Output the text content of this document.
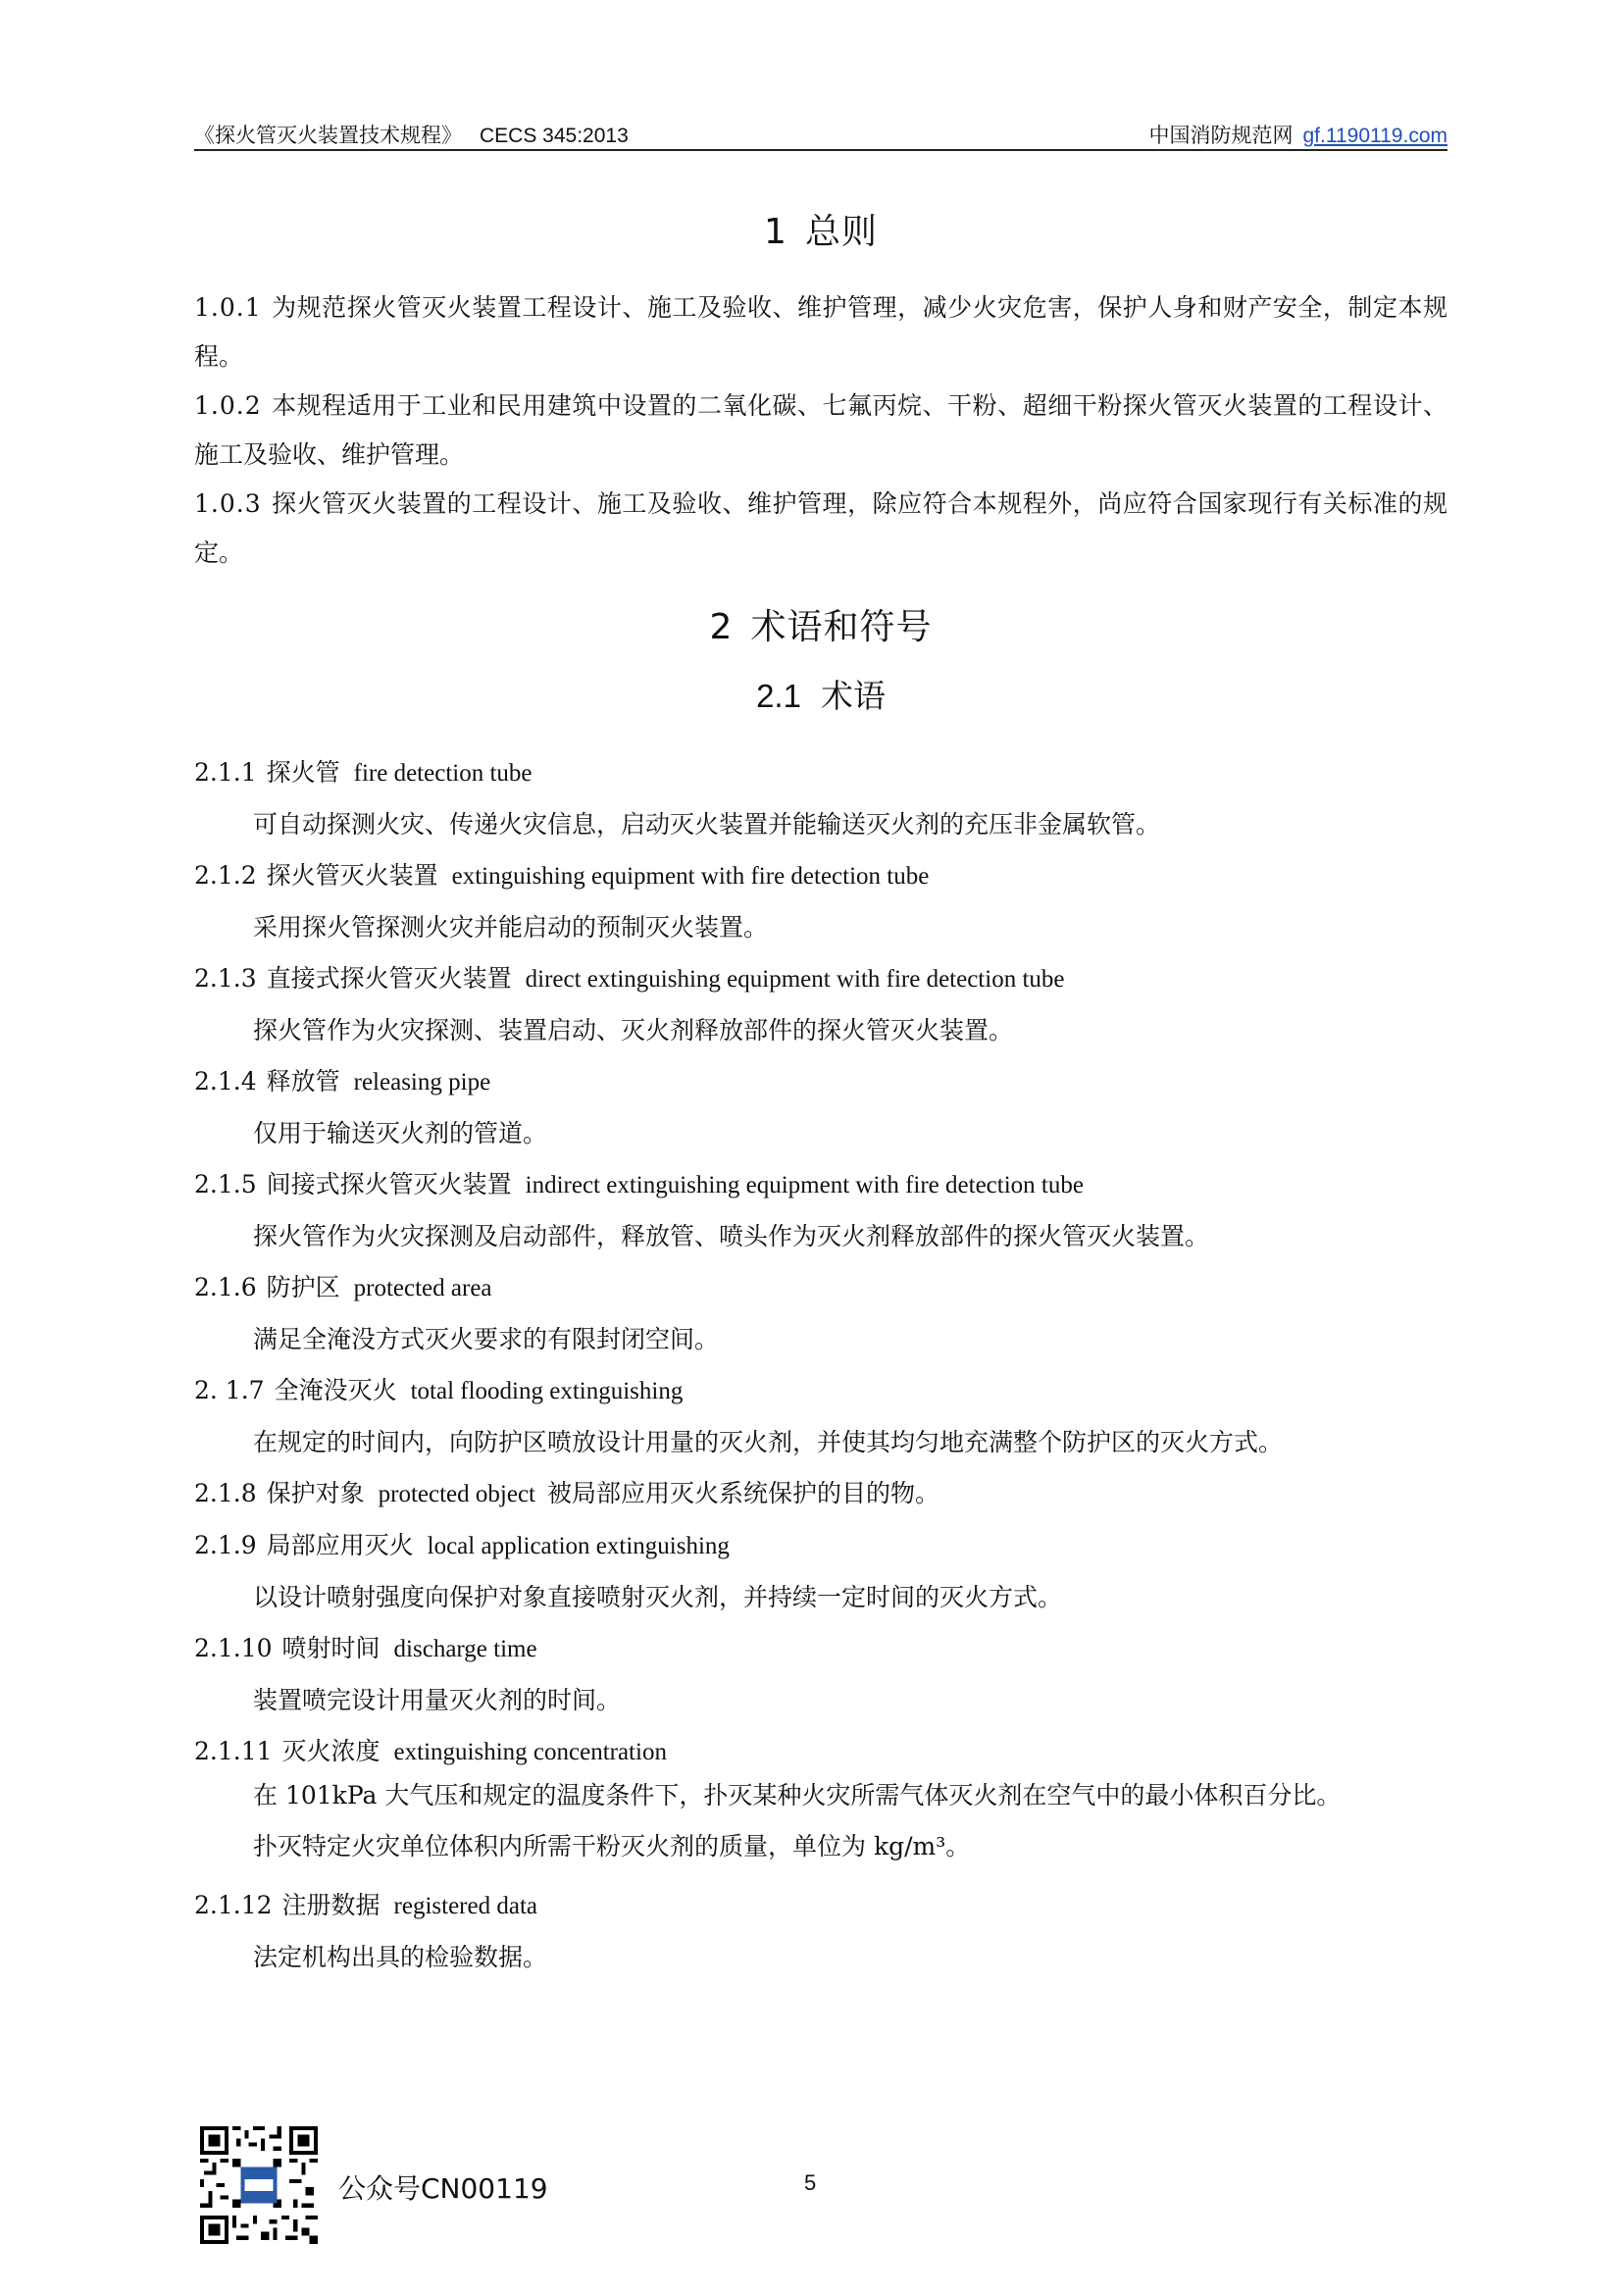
《探火管灭火装置技术规程》 CECS 345:2013	中国消防规范网 gf.1190119.com
1 总则
1.0.1 为规范探火管灭火装置工程设计、施工及验收、维护管理，减少火灾危害，保护人身和财产安全，制定本规程。
1.0.2 本规程适用于工业和民用建筑中设置的二氧化碳、七氟丙烷、干粉、超细干粉探火管灭火装置的工程设计、施工及验收、维护管理。
1.0.3 探火管灭火装置的工程设计、施工及验收、维护管理，除应符合本规程外，尚应符合国家现行有关标准的规定。
2 术语和符号
2.1 术语
2.1.1 探火管 fire detection tube
可自动探测火灾、传递火灾信息，启动灭火装置并能输送灭火剂的充压非金属软管。
2.1.2 探火管灭火装置 extinguishing equipment with fire detection tube
采用探火管探测火灾并能启动的预制灭火装置。
2.1.3 直接式探火管灭火装置 direct extinguishing equipment with fire detection tube
探火管作为火灾探测、装置启动、灭火剂释放部件的探火管灭火装置。
2.1.4 释放管 releasing pipe
仅用于输送灭火剂的管道。
2.1.5 间接式探火管灭火装置 indirect extinguishing equipment with fire detection tube
探火管作为火灾探测及启动部件，释放管、喷头作为灭火剂释放部件的探火管灭火装置。
2.1.6 防护区 protected area
满足全淹没方式灭火要求的有限封闭空间。
2. 1.7 全淹没灭火 total flooding extinguishing
在规定的时间内，向防护区喷放设计用量的灭火剂，并使其均匀地充满整个防护区的灭火方式。
2.1.8 保护对象 protected object 被局部应用灭火系统保护的目的物。
2.1.9 局部应用灭火 local application extinguishing
以设计喷射强度向保护对象直接喷射灭火剂，并持续一定时间的灭火方式。
2.1.10 喷射时间 discharge time
装置喷完设计用量灭火剂的时间。
2.1.11 灭火浓度 extinguishing concentration
在 101kPa 大气压和规定的温度条件下，扑灭某种火灾所需气体灭火剂在空气中的最小体积百分比。
扑灭特定火灾单位体积内所需干粉灭火剂的质量，单位为 kg/m³。
2.1.12 注册数据 registered data
法定机构出具的检验数据。
公众号CN00119	5
